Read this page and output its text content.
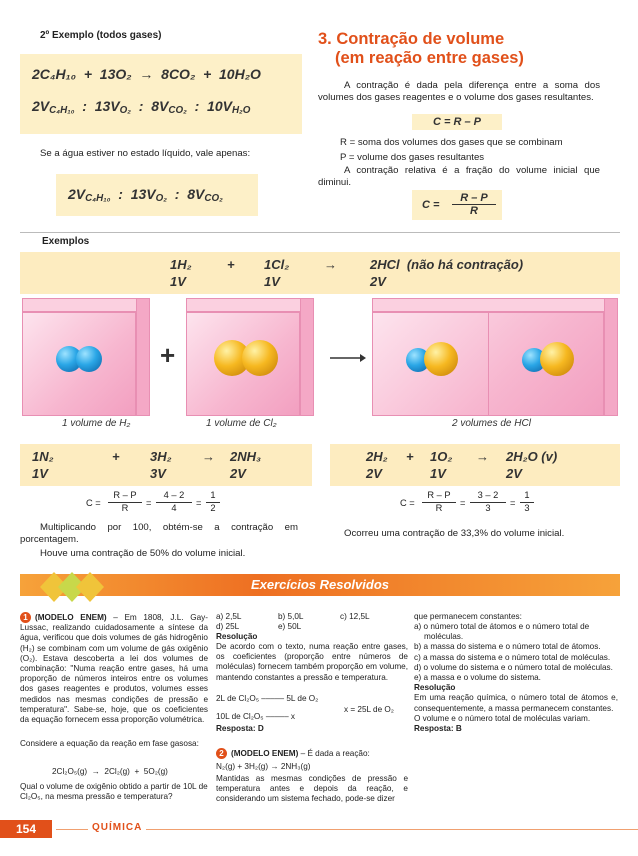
2º Exemplo (todos gases)
2C₄H₁₀  +  13O₂  →  8CO₂  +  10H₂O
$2V_{C_4H_{10}}$  :  $13V_{O_2}$  :  $8V_{CO_2}$  :  $10V_{H_2O}$
Se a água estiver no estado líquido, vale apenas:
$2V_{C_4H_{10}}$  :  $13V_{O_2}$  :  $8V_{CO_2}$
3. Contração de volume
(em reação entre gases)
A contração é dada pela diferença entre a soma dos volumes dos gases reagentes e o volume dos gases resultantes.
C = R – P
R = soma dos volumes dos gases que se combinam
P = volume dos gases resultantes
A contração relativa é a fração do volume inicial que diminui.
$C = \frac{R - P}{R}$
Exemplos
1H₂	+ 1Cl₂	→	2HCl  (não há contração)
1V	1V	2V
+
1 volume de H₂	1 volume de Cl₂	2 volumes de HCl
1N₂	+ 3H₂ → 2NH₃
1V	3V	2V
2H₂ + 1O₂ → 2H₂O (v)
2V	1V	2V
$C = \frac{R - P}{R} = \frac{4 - 2}{4} = \frac{1}{2}$	$C = \frac{R - P}{R} = \frac{3 - 2}{3} = \frac{1}{3}$
Multiplicando por 100, obtém-se a contração em porcentagem.
Houve uma contração de 50% do volume inicial.
Ocorreu uma contração de 33,3% do volume inicial.
Exercícios Resolvidos
1 (MODELO ENEM) – Em 1808, J.L. Gay-Lussac, realizando cuidadosamente a síntese da água, verificou que dois volumes de gás hidrogênio (H₂) se combinam com um volume de gás oxigênio (O₂). Estava descoberta a lei dos volumes de combinação: "Numa reação entre gases, há uma proporção de números inteiros entre os volumes dos gases reagentes e produtos, volumes esses medidos nas mesmas condições de pressão e temperatura". Sabe-se, hoje, que os coeficientes da equação fornecem essa proporção volumétrica.
Considere a equação da reação em fase gasosa:
2Cl₂O₅(g)  →  2Cl₂(g)  +  5O₂(g)
Qual o volume de oxigênio obtido a partir de 10L de Cl₂O₅, na mesma pressão e temperatura?
a) 2,5L	b) 5,0L	c) 12,5L
d) 25L	e) 50L
Resolução
De acordo com o texto, numa reação entre gases, os coeficientes (proporção entre números de moléculas) fornecem também proporção em volume, mantendo constantes a pressão e temperatura.
2L de Cl₂O₅ ––––– 5L de O₂
10L de Cl₂O₅ ––––– x
x = 25L de O₂
Resposta: D
2 (MODELO ENEM) – É dada a reação:
N₂(g) + 3H₂(g) → 2NH₃(g)
Mantidas as mesmas condições de pressão e temperatura antes e depois da reação, e considerando um sistema fechado, pode-se dizer
que permanecem constantes:
a) o número total de átomos e o número total de moléculas.
b) a massa do sistema e o número total de átomos.
c) a massa do sistema e o número total de moléculas.
d) o volume do sistema e o número total de moléculas.
e) a massa e o volume do sistema.
Resolução
Em uma reação química, o número total de átomos e, consequentemente, a massa permanecem constantes.
O volume e o número total de moléculas variam.
Resposta: B
154	QUÍMICA
